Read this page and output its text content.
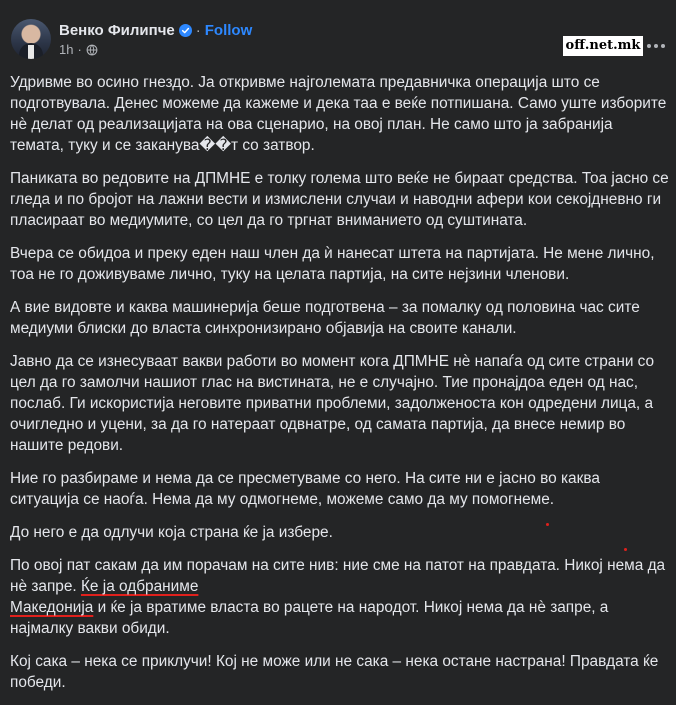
Венко Филипче · Follow
1h ·	off.net.mk

Удривме во осино гнездо. Ја откривме најголемата предавничка операција што се подготвувала. Денес можеме да кажеме и дека таа е веќе потпишана. Само уште изборите нѐ делат од реализацијата на ова сценарио, на овој план. Не само што ја забранија темата, туку и се заканува��т со затвор.

Паниката во редовите на ДПМНЕ е толку голема што веќе не бираат средства. Тоа јасно се гледа и по бројот на лажни вести и измислени случаи и наводни афери кои секојдневно ги пласираат во медиумите, со цел да го тргнат вниманието од суштината.

Вчера се обидоа и преку еден наш член да ѝ нанесат штета на партијата. Не мене лично, тоа не го доживуваме лично, туку на целата партија, на сите нејзини членови.

А вие видовте и каква машинерија беше подготвена – за помалку од половина час сите медиуми блиски до власта синхронизирано објавија на своите канали.

Јавно да се изнесуваат вакви работи во момент кога ДПМНЕ нѐ напаѓа од сите страни со цел да го замолчи нашиот глас на вистината, не е случајно. Тие пронајдоа еден од нас, послаб. Ги искористија неговите приватни проблеми, задолженоста кон одредени лица, а очигледно и уцени, за да го натераат одвнатре, од самата партија, да внесе немир во нашите редови.

Ние го разбираме и нема да се пресметуваме со него. На сите ни е јасно во каква ситуација се наоѓа. Нема да му одмогнеме, можеме само да му помогнеме.

До него е да одлучи која страна ќе ја избере.

По овој пат сакам да им порачам на сите нив: ние сме на патот на правдата. Никој нема да нѐ запре. Ќе ја одбраниме
Македонија и ќе ја вратиме власта во рацете на народот. Никој нема да нѐ запре, а најмалку вакви обиди.

Кој сака – нека се приклучи! Кој не може или не сака – нека остане настрана! Правдата ќе победи.
